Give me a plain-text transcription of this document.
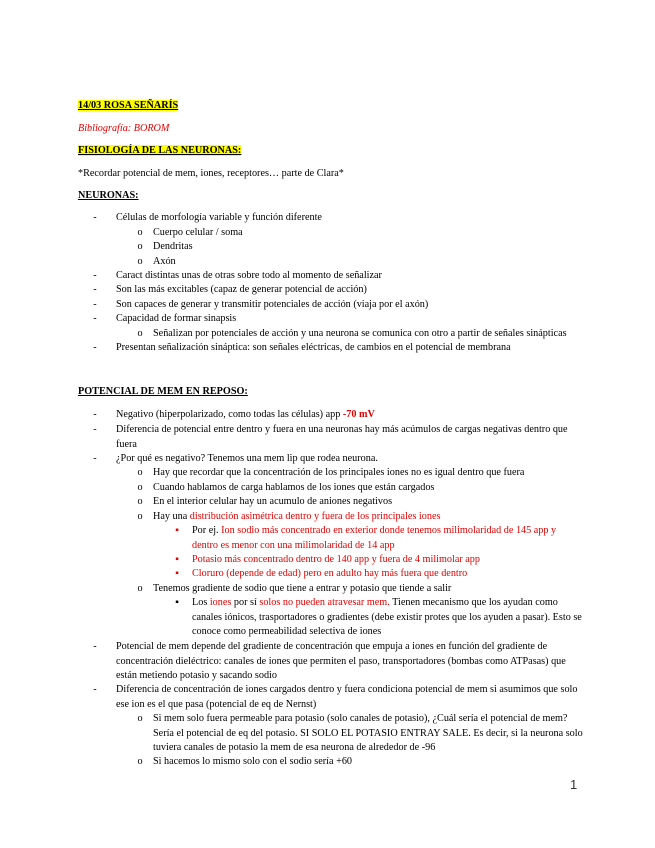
14/03 ROSA SEÑARÍS
Bibliografía: BOROM
FISIOLOGÍA DE LAS NEURONAS:
*Recordar potencial de mem, iones, receptores… parte de Clara*
NEURONAS:
-	Células de morfología variable y función diferente
o Cuerpo celular / soma
o Dendritas
o Axón
-	Caract distintas unas de otras sobre todo al momento de señalizar
-	Son las más excitables (capaz de generar potencial de acción)
-	Son capaces de generar y transmitir potenciales de acción (viaja por el axón)
-	Capacidad de formar sinapsis
o Señalizan por potenciales de acción y una neurona se comunica con otro a partir de señales sinápticas
-	Presentan señalización sináptica: son señales eléctricas, de cambios en el potencial de membrana
POTENCIAL DE MEM EN REPOSO:
-	Negativo (hiperpolarizado, como todas las células) app -70 mV
-	Diferencia de potencial entre dentro y fuera en una neuronas hay más acúmulos de cargas negativas dentro que fuera
-	¿Por qué es negativo? Tenemos una mem lip que rodea neurona.
o Hay que recordar que la concentración de los principales iones no es igual dentro que fuera
o Cuando hablamos de carga hablamos de los iones que están cargados
o En el interior celular hay un acumulo de aniones negativos
o Hay una distribución asimétrica dentro y fuera de los principales iones
▪	Por ej. Ion sodio más concentrado en exterior donde tenemos milimolaridad de 145 app y dentro es menor con una milimolaridad de 14 app
▪	Potasio más concentrado dentro de 140 app y fuera de 4 milimolar app
▪	Cloruro (depende de edad) pero en adulto hay más fuera que dentro
o Tenemos gradiente de sodio que tiene a entrar y potasio que tiende a salir
▪	Los iones por sí solos no pueden atravesar mem. Tienen mecanismo que los ayudan como canales iónicos, trasportadores o gradientes (debe existir protes que los ayuden a pasar). Esto se conoce como permeabilidad selectiva de iones
-	Potencial de mem depende del gradiente de concentración que empuja a iones en función del gradiente de concentración dieléctrico: canales de iones que permiten el paso, transportadores (bombas como ATPasas) que están metiendo potasio y sacando sodio
-	Diferencia de concentración de iones cargados dentro y fuera condiciona potencial de mem si asumimos que solo ese ion es el que pasa (potencial de eq de Nernst)
o Si mem solo fuera permeable para potasio (solo canales de potasio), ¿Cuál sería el potencial de mem? Sería el potencial de eq del potasio. SI SOLO EL POTASIO ENTRAY SALE. Es decir, si la neurona solo tuviera canales de potasio la mem de esa neurona de alrededor de -96
o Si hacemos lo mismo solo con el sodio sería +60
1
